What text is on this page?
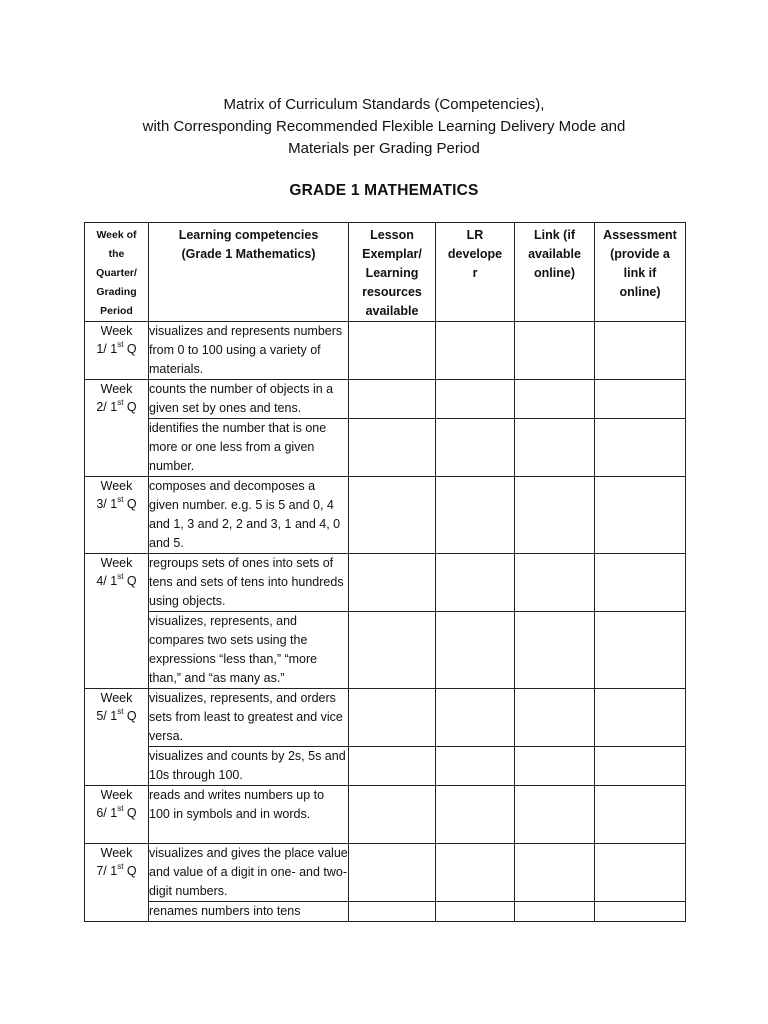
Matrix of Curriculum Standards (Competencies),
with Corresponding Recommended Flexible Learning Delivery Mode and
Materials per Grading Period
GRADE 1 MATHEMATICS
Week of
the
Quarter/
Grading
Period	Learning competencies
(Grade 1 Mathematics)	Lesson
Exemplar/
Learning
resources
available	LR
develope
r	Link (if
available
online)	Assessment
(provide a
link if
online)

Week
1/ 1st Q	visualizes and represents numbers from 0 to 100 using a variety of materials.				

Week
2/ 1st Q	counts the number of objects in a given set by ones and tens.				
	identifies the number that is one more or one less from a given number.				

Week
3/ 1st Q	composes and decomposes a given number. e.g. 5 is 5 and 0, 4 and 1, 3 and 2, 2 and 3, 1 and 4, 0 and 5.				

Week
4/ 1st Q	regroups sets of ones into sets of tens and sets of tens into hundreds using objects.				
	visualizes, represents, and compares two sets using the expressions “less than,” “more than,” and “as many as.”				

Week
5/ 1st Q	visualizes, represents, and orders sets from least to greatest and vice versa.				
	visualizes and counts by 2s, 5s and 10s through 100.				

Week
6/ 1st Q	reads and writes numbers up to 100 in symbols and in words.				

Week
7/ 1st Q	visualizes and gives the place value and value of a digit in one- and two-digit numbers.				
	renames numbers into tens				
